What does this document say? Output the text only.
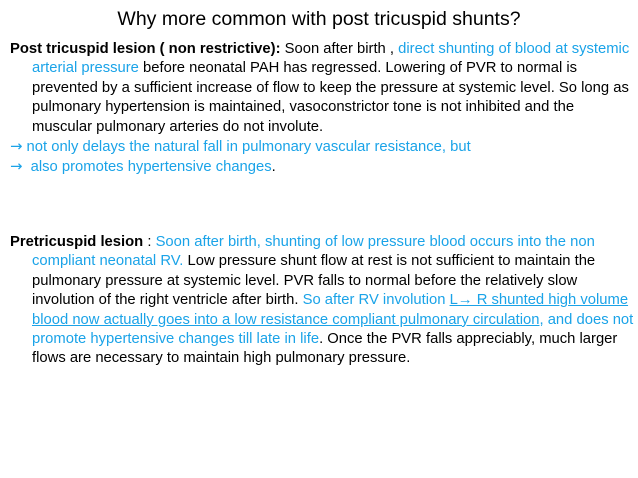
Why more common with post tricuspid shunts?

Post tricuspid lesion ( non restrictive): Soon after birth , direct shunting of blood at systemic arterial pressure before neonatal PAH has regressed. Lowering of PVR to normal is prevented by a sufficient increase of flow to keep the pressure at systemic level. So long as pulmonary hypertension is maintained, vasoconstrictor tone is not inhibited and the muscular pulmonary arteries do not involute.

→ not only delays the natural fall in pulmonary vascular resistance, but

→  also promotes hypertensive changes.

Pretricuspid lesion : Soon after birth, shunting of low pressure blood occurs into the non compliant neonatal RV. Low pressure shunt flow at rest is not sufficient to maintain the pulmonary pressure at systemic level. PVR falls to normal before the relatively slow involution of the right ventricle after birth. So after RV involution L→ R shunted high volume blood now actually goes into a low resistance compliant pulmonary circulation, and does not promote hypertensive changes till late in life. Once the PVR falls appreciably, much larger flows are necessary to maintain high pulmonary pressure.
